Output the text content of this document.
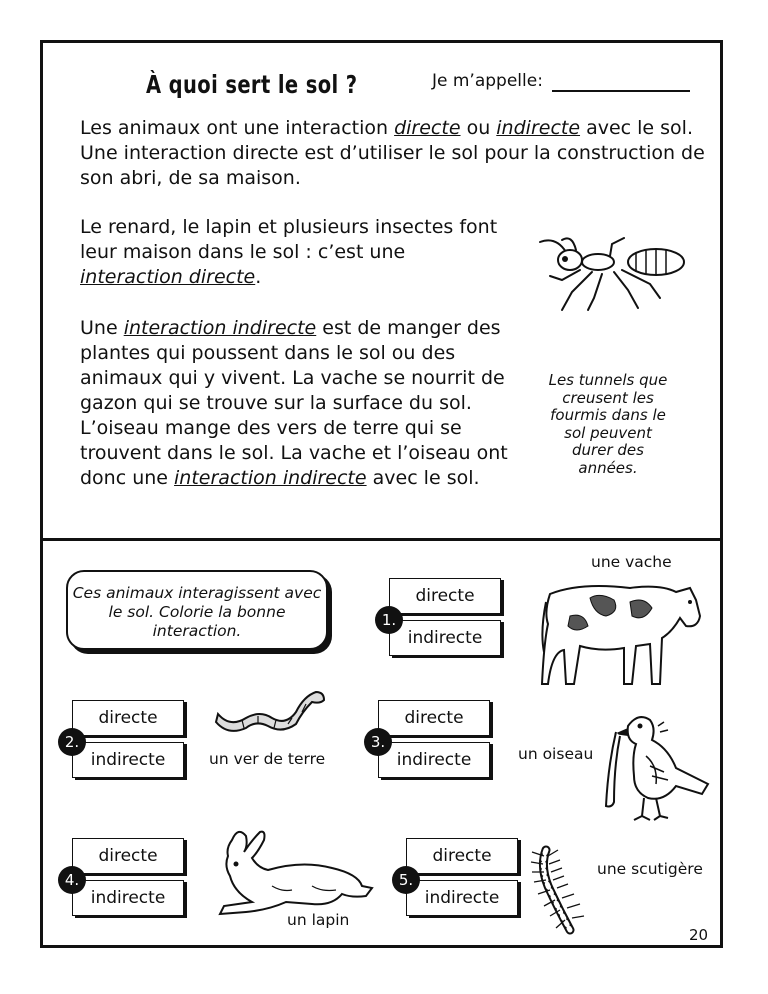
À quoi sert le sol ?	Je m’appelle:
Les animaux ont une interaction directe ou indirecte avec le sol. Une interaction directe est d’utiliser le sol pour la construction de son abri, de sa maison.
Le renard, le lapin et plusieurs insectes font leur maison dans le sol : c’est une interaction directe.
Une interaction indirecte est de manger des plantes qui poussent dans le sol ou des animaux qui y vivent. La vache se nourrit de gazon qui se trouve sur la surface du sol. L’oiseau mange des vers de terre qui se trouvent dans le sol. La vache et l’oiseau ont donc une interaction indirecte avec le sol.
Les tunnels que creusent les fourmis dans le sol peuvent durer des années.
Ces animaux interagissent avec le sol. Colorie la bonne interaction.
directe
indirecte
1.
une vache
directe
indirecte
2.
un ver de terre
directe
indirecte
3.
un oiseau
directe
indirecte
4.
un lapin
directe
indirecte
5.
une scutigère
20
